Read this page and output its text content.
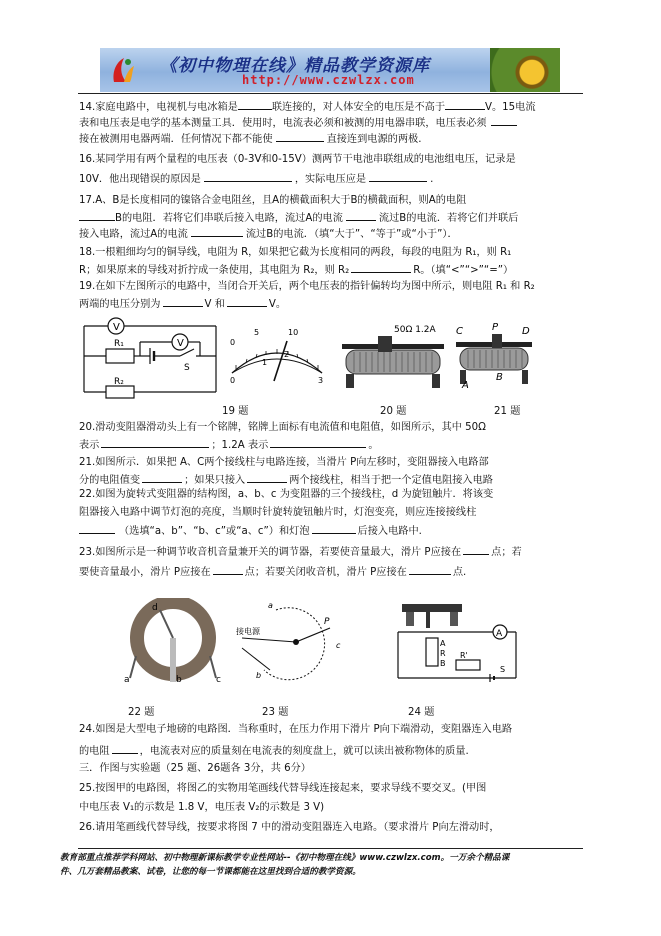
《初中物理在线》精品教学资源库
http://www.czwlzx.com

14.家庭电路中，电视机与电冰箱是	联连接的，对人体安全的电压是不高于	V。15电流

表和电压表是电学的基本测量工具．使用时，电流表必须和被测的用电器串联，电压表必须

接在被测用电器两端．任何情况下都不能使	直接连到电源的两极.

16.某同学用有两个量程的电压表（0-3V和0-15V）测两节干电池串联组成的电池组电压，记录是

10V．他出现错误的原因是	，实际电压应是	.

17.A、B是长度相同的镍铬合金电阻丝，且A的横截面积大于B的横截面积，则A的电阻

B的电阻．若将它们串联后接入电路，流过A的电流	流过B的电流．若将它们并联后

接入电路，流过A的电流	流过B的电流．（填“大于”、“等于”或“小于”）．

18.一根粗细均匀的铜导线，电阻为 R，如果把它截为长度相同的两段，每段的电阻为 R₁，则 R₁

R；如果原来的导线对折拧成一条使用，其电阻为 R₂，则 R₂	R。（填“<”“>”“=”）

19.在如下左图所示的电路中，当闭合开关后，两个电压表的指针偏转均为图中所示，则电阻 R₁ 和 R₂

两端的电压分别为	V 和	V。

V
V
R₁
R₂
S
0
5	10
0
1
2
3
50Ω 1.2A C	P D
A
B
19 题	20 题	21 题

20.滑动变阻器滑动头上有一个铭牌，铭牌上面标有电流值和电阻值，如图所示，其中 50Ω

表示	；1.2A 表示	。

21.如图所示．如果把 A、C两个接线柱与电路连接，当滑片 P向左移时，变阻器接入电路部

分的电阻值变	；如果只接入	两个接线柱，相当于把一个定值电阻接入电路

22.如图为旋转式变阻器的结构图，a、b、c 为变阻器的三个接线柱，d 为旋钮触片．将该变

阻器接入电路中调节灯泡的亮度，当顺时针旋转旋钮触片时，灯泡变亮，则应连接接线柱

（选填“a、b”、“b、c”或“a、c”）和灯泡	后接入电路中.

23.如图所示是一种调节收音机音量兼开关的调节器，若要使音量最大，滑片 P应接在	点；若

要使音量最小，滑片 P应接在	点；若要关闭收音机，滑片 P应接在	点.

a	b	c
d
接电源
P
a
b
c
A
A
R
B
R'
S
22 题	23 题	24 题

24.如图是大型电子地磅的电路图．当称重时，在压力作用下滑片 P向下端滑动，变阻器连入电路

的电阻	，电流表对应的质量刻在电流表的刻度盘上，就可以读出被称物体的质量.

三．作图与实验题（25 题、26题各 3分，共 6分）

25.按图甲的电路图，将图乙的实物用笔画线代替导线连接起来，要求导线不要交叉。(甲图

中电压表 V₁的示数是 1.8 V，电压表 V₂的示数是 3 V)

26.请用笔画线代替导线，按要求将图 7 中的滑动变阻器连入电路。（要求滑片 P向左滑动时，

教育部重点推荐学科网站、初中物理新课标教学专业性网站--《初中物理在线》www.czwlzx.com。一万余个精品课
件、几万套精品教案、试卷，让您的每一节课都能在这里找到合适的教学资源。
